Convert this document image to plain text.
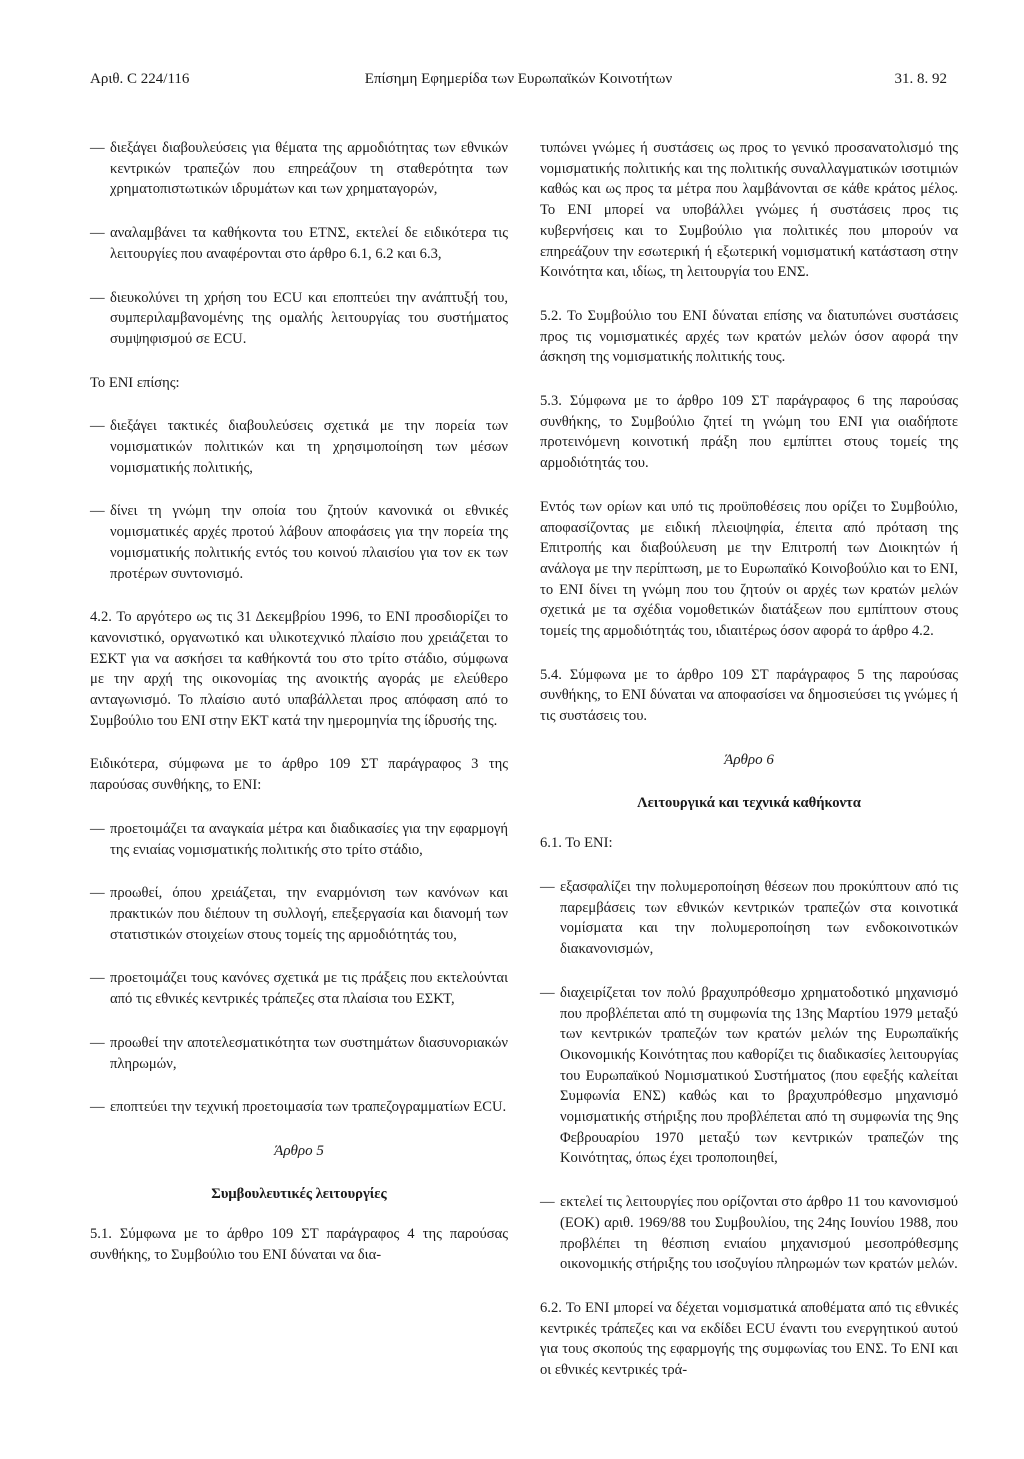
Αριθ. C 224/116	Επίσημη Εφημερίδα των Ευρωπαϊκών Κοινοτήτων	31. 8. 92
— διεξάγει διαβουλεύσεις για θέματα της αρμοδιότητας των εθνικών κεντρικών τραπεζών που επηρεάζουν τη σταθερότητα των χρηματοπιστωτικών ιδρυμάτων και των χρηματαγορών,
— αναλαμβάνει τα καθήκοντα του ΕΤΝΣ, εκτελεί δε ειδικότερα τις λειτουργίες που αναφέρονται στο άρθρο 6.1, 6.2 και 6.3,
— διευκολύνει τη χρήση του ECU και εποπτεύει την ανάπτυξή του, συμπεριλαμβανομένης της ομαλής λειτουργίας του συστήματος συμψηφισμού σε ECU.

Το ΕΝΙ επίσης:

— διεξάγει τακτικές διαβουλεύσεις σχετικά με την πορεία των νομισματικών πολιτικών και τη χρησιμοποίηση των μέσων νομισματικής πολιτικής,
— δίνει τη γνώμη την οποία του ζητούν κανονικά οι εθνικές νομισματικές αρχές προτού λάβουν αποφάσεις για την πορεία της νομισματικής πολιτικής εντός του κοινού πλαισίου για τον εκ των προτέρων συντονισμό.

4.2. Το αργότερο ως τις 31 Δεκεμβρίου 1996, το ΕΝΙ προσδιορίζει το κανονιστικό, οργανωτικό και υλικοτεχνικό πλαίσιο που χρειάζεται το ΕΣΚΤ για να ασκήσει τα καθήκοντά του στο τρίτο στάδιο, σύμφωνα με την αρχή της οικονομίας της ανοικτής αγοράς με ελεύθερο ανταγωνισμό. Το πλαίσιο αυτό υπαβάλλεται προς απόφαση από το Συμβούλιο του ΕΝΙ στην ΕΚΤ κατά την ημερομηνία της ίδρυσής της.

Ειδικότερα, σύμφωνα με το άρθρο 109 ΣΤ παράγραφος 3 της παρούσας συνθήκης, το ΕΝΙ:

— προετοιμάζει τα αναγκαία μέτρα και διαδικασίες για την εφαρμογή της ενιαίας νομισματικής πολιτικής στο τρίτο στάδιο,
— προωθεί, όπου χρειάζεται, την εναρμόνιση των κανόνων και πρακτικών που διέπουν τη συλλογή, επεξεργασία και διανομή των στατιστικών στοιχείων στους τομείς της αρμοδιότητάς του,
— προετοιμάζει τους κανόνες σχετικά με τις πράξεις που εκτελούνται από τις εθνικές κεντρικές τράπεζες στα πλαίσια του ΕΣΚΤ,
— προωθεί την αποτελεσματικότητα των συστημάτων διασυνοριακών πληρωμών,
— εποπτεύει την τεχνική προετοιμασία των τραπεζογραμματίων ECU.
Άρθρο 5
Συμβουλευτικές λειτουργίες

5.1. Σύμφωνα με το άρθρο 109 ΣΤ παράγραφος 4 της παρούσας συνθήκης, το Συμβούλιο του ΕΝΙ δύναται να δια-

τυπώνει γνώμες ή συστάσεις ως προς το γενικό προσανατολισμό της νομισματικής πολιτικής και της πολιτικής συναλλαγματικών ισοτιμιών καθώς και ως προς τα μέτρα που λαμβάνονται σε κάθε κράτος μέλος. Το ΕΝΙ μπορεί να υποβάλλει γνώμες ή συστάσεις προς τις κυβερνήσεις και το Συμβούλιο για πολιτικές που μπορούν να επηρεάζουν την εσωτερική ή εξωτερική νομισματική κατάσταση στην Κοινότητα και, ιδίως, τη λειτουργία του ΕΝΣ.

5.2. Το Συμβούλιο του ΕΝΙ δύναται επίσης να διατυπώνει συστάσεις προς τις νομισματικές αρχές των κρατών μελών όσον αφορά την άσκηση της νομισματικής πολιτικής τους.

5.3. Σύμφωνα με το άρθρο 109 ΣΤ παράγραφος 6 της παρούσας συνθήκης, το Συμβούλιο ζητεί τη γνώμη του ΕΝΙ για οιαδήποτε προτεινόμενη κοινοτική πράξη που εμπίπτει στους τομείς της αρμοδιότητάς του.

Εντός των ορίων και υπό τις προϋποθέσεις που ορίζει το Συμβούλιο, αποφασίζοντας με ειδική πλειοψηφία, έπειτα από πρόταση της Επιτροπής και διαβούλευση με την Επιτροπή των Διοικητών ή ανάλογα με την περίπτωση, με το Ευρωπαϊκό Κοινοβούλιο και το ΕΝΙ, το ΕΝΙ δίνει τη γνώμη που του ζητούν οι αρχές των κρατών μελών σχετικά με τα σχέδια νομοθετικών διατάξεων που εμπίπτουν στους τομείς της αρμοδιότητάς του, ιδιαιτέρως όσον αφορά το άρθρο 4.2.

5.4. Σύμφωνα με το άρθρο 109 ΣΤ παράγραφος 5 της παρούσας συνθήκης, το ΕΝΙ δύναται να αποφασίσει να δημοσιεύσει τις γνώμες ή τις συστάσεις του.

Άρθρο 6
Λειτουργικά και τεχνικά καθήκοντα

6.1. Το ΕΝΙ:

— εξασφαλίζει την πολυμεροποίηση θέσεων που προκύπτουν από τις παρεμβάσεις των εθνικών κεντρικών τραπεζών στα κοινοτικά νομίσματα και την πολυμεροποίηση των ενδοκοινοτικών διακανονισμών,
— διαχειρίζεται τον πολύ βραχυπρόθεσμο χρηματοδοτικό μηχανισμό που προβλέπεται από τη συμφωνία της 13ης Μαρτίου 1979 μεταξύ των κεντρικών τραπεζών των κρατών μελών της Ευρωπαϊκής Οικονομικής Κοινότητας που καθορίζει τις διαδικασίες λειτουργίας του Ευρωπαϊκού Νομισματικού Συστήματος (που εφεξής καλείται Συμφωνία ΕΝΣ) καθώς και το βραχυπρόθεσμο μηχανισμό νομισματικής στήριξης που προβλέπεται από τη συμφωνία της 9ης Φεβρουαρίου 1970 μεταξύ των κεντρικών τραπεζών της Κοινότητας, όπως έχει τροποποιηθεί,
— εκτελεί τις λειτουργίες που ορίζονται στο άρθρο 11 του κανονισμού (ΕΟΚ) αριθ. 1969/88 του Συμβουλίου, της 24ης Ιουνίου 1988, που προβλέπει τη θέσπιση ενιαίου μηχανισμού μεσοπρόθεσμης οικονομικής στήριξης του ισοζυγίου πληρωμών των κρατών μελών.

6.2. Το ΕΝΙ μπορεί να δέχεται νομισματικά αποθέματα από τις εθνικές κεντρικές τράπεζες και να εκδίδει ECU έναντι του ενεργητικού αυτού για τους σκοπούς της εφαρμογής της συμφωνίας του ΕΝΣ. Το ΕΝΙ και οι εθνικές κεντρικές τρά-
